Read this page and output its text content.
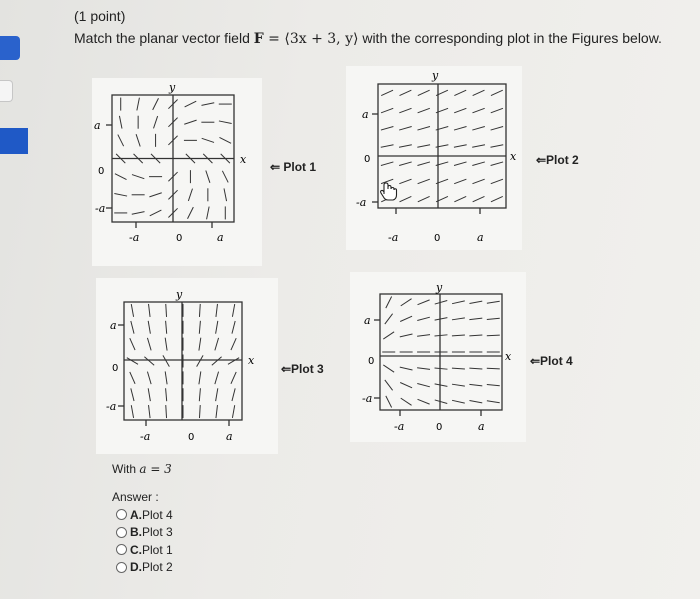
(1 point)
Match the planar vector field F = ⟨3x + 3, y⟩ with the corresponding plot in the Figures below.
y
x
a
0
-a
-a	0	a
⇐ Plot 1
y
x
a
0
-a
-a	0	a
⇐Plot 2
y
x
a
0
-a
-a	0	a
⇐Plot 3
y
x
a
0
-a
-a	0	a
⇐Plot 4
With a = 3
Answer :
A. Plot 4
B. Plot 3
C. Plot 1
D. Plot 2
